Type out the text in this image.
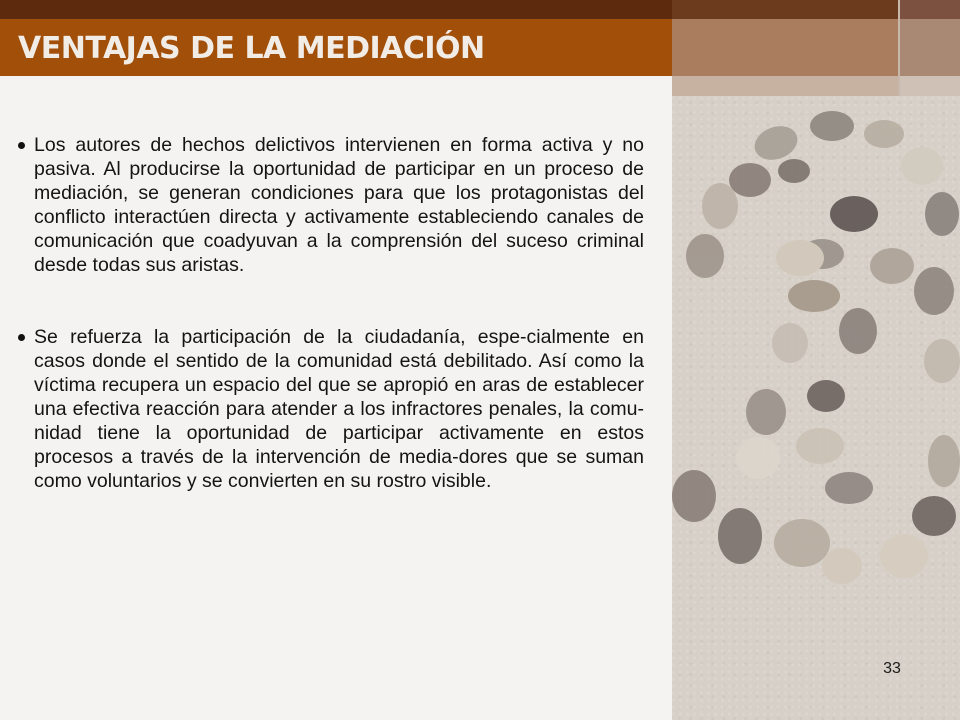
VENTAJAS DE LA MEDIACIÓN

Los autores de hechos delictivos intervienen en forma activa y no pasiva. Al producirse la oportunidad de participar en un proceso de mediación, se generan condiciones para que los protagonistas del conflicto interactúen directa y activamente estableciendo canales de comunicación que coadyuvan a la comprensión del suceso criminal desde todas sus aristas.

Se refuerza la participación de la ciudadanía, espe-cialmente en casos donde el sentido de la comunidad está debilitado. Así como la víctima recupera un espacio del que se apropió en aras de establecer una efectiva reacción para atender a los infractores penales, la comu-nidad tiene la oportunidad de participar activamente en estos procesos a través de la intervención de media-dores que se suman como voluntarios y se convierten en su rostro visible.

33
